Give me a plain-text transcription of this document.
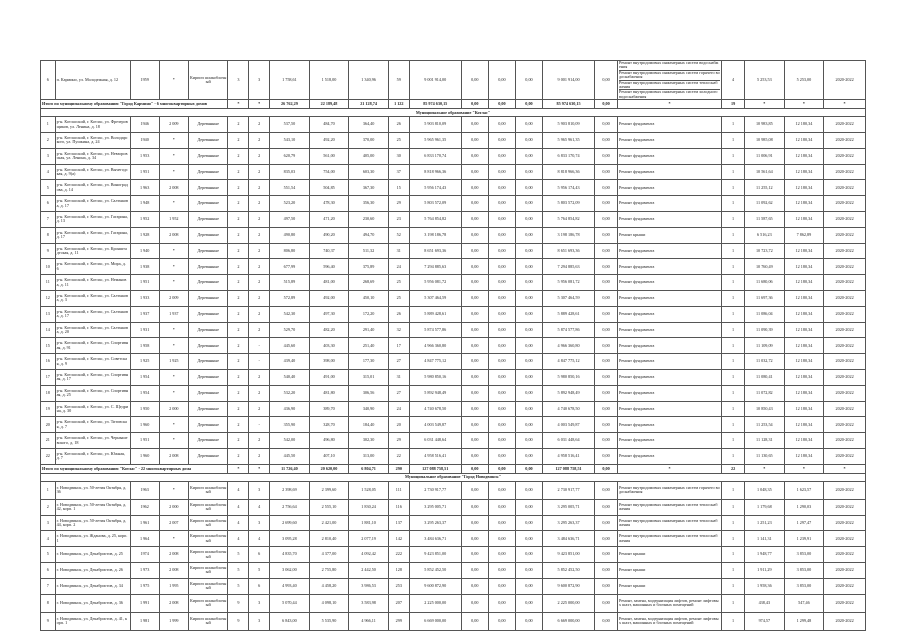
6	п. Кармино, ул. Молодежная, д. 12	1959	*	Кирпич шлакоблочный	3	3	1 758,61	1 518,00	1 340,96	59	9 001 914,00	0,00	0,00	0,00	9 001 914,00	0,00	Ремонт внутридомовых инженерных систем водоснабжения
Ремонт внутридомовых инженерных систем горячего водоснабжения
Ремонт внутридомовых инженерных систем теплоснабжения
Ремонт внутридомовых инженерных систем холодного водоснабжения	4	5 253,53	5 253,00	2020-2022
Итого по муниципальному образованию "Город Кармино" - 6 многоквартирных домов					*	*	26 762,29	22 189,48	21 128,74	1 122	85 974 630,15	0,00	0,00	0,00	85 974 630,15	0,00	*	19	*	*	*
Муниципальное образование "Котлас"																					
1	р-н. Котласский, г. Котлас, ул. Фрезеровщиков, ул. Ленина, д. 18	1946	2 009	Деревянные	2	2	537,50	484,70	364,40	26	5 903 810,09	0,00	0,00	0,00	5 903 810,09	0,00	Ремонт фундамента	1	10 983,85	12 180,34	2020-2022
2	р-н. Котласский, г. Котлас, ул. Володарского, ул. Пушкина, д. 24	1940	*	Деревянные	2	2	543,10	492,20	370,00	25	5 965 961,35	0,00	0,00	0,00	5 965 961,35	0,00	Ремонт фундамента	1	10 985,08	12 180,34	2020-2022
3	р-н. Котласский, г. Котлас, ул. Невзоровская, ул. Ленина, д. 34	1 953	*	Деревянные	2	2	620,79	561,00	405,00	30	6 833 170,74	0,00	0,00	0,00	6 833 170,74	0,00	Ремонт фундамента	1	11 006,91	12 180,34	2020-2022
4	р-н. Котласский, г. Котлас, ул. Вычегодская, д. 9(а)	1 951	*	Деревянные	2	2	835,03	754,00	603,30	37	8 818 966,36	0,00	0,00	0,00	8 818 966,36	0,00	Ремонт фундамента	1	10 561,64	12 180,34	2020-2022
5	р-н. Котласский, г. Котлас, ул. Виноградова, д. 14	1 963	2 008	Деревянные	2	2	551,54	504,85	367,30	15	5 956 174,43	0,00	0,00	0,00	5 956 174,43	0,00	Ремонт фундамента	1	11 255,12	12 180,34	2020-2022
6	р-н. Котласский, г. Котлас, ул. Салтыкова, д. 17	1 948	*	Деревянные	2	2	523,20	478,30	356,30	29	5 803 572,09	0,00	0,00	0,00	5 803 572,09	0,00	Ремонт фундамента	1	11 092,62	12 180,34	2020-2022
7	р-н. Котласский, г. Котлас, ул. Гагарина, д. 13	1 952	1 952	Деревянные	2	2	497,50	471,20	230,60	23	5 764 854,82	0,00	0,00	0,00	5 764 854,82	0,00	Ремонт фундамента	1	11 587,65	12 180,34	2020-2022
8	р-н. Котласский, г. Котлас, ул. Гагарина, д. 17	1 928	2 008	Деревянные	2	2	490,80	490,20	494,70	52	3 198 186,78	0,00	0,00	0,00	3 198 186,78	0,00	Ремонт крыши	1	6 516,23	7 862,89	2020-2022
9	р-н. Котласский, г. Котлас, ул. Кронштадтская, д. 11	1 940	*	Деревянные	2	2	806,80	740,37	511,32	31	8 651 693,36	0,00	0,00	0,00	8 651 693,36	0,00	Ремонт фундамента	1	10 723,72	12 180,34	2020-2022
10	р-н. Котласский, г. Котлас, ул. Мира, д. 6	1 938	*	Деревянные	2	2	677,99	596,40	375,89	24	7 294 885,63	0,00	0,00	0,00	7 294 885,63	0,00	Ремонт фундамента	1	10 760,49	12 180,34	2020-2022
11	р-н. Котласский, г. Котлас, ул. Неманова, д. 11	1 951	*	Деревянные	2	2	515,89	481,00	268,69	25	5 956 081,72	0,00	0,00	0,00	5 956 081,72	0,00	Ремонт фундамента	1	11 680,06	12 180,34	2020-2022
12	р-н. Котласский, г. Котлас, ул. Салтыкова, д. 3	1 933	2 009	Деревянные	2	2	572,89	492,00	450,10	25	5 307 464,59	0,00	0,00	0,00	5 307 464,59	0,00	Ремонт фундамента	1	11 697,36	12 180,34	2020-2022
13	р-н. Котласский, г. Котлас, ул. Салтыкова, д. 17	1 937	1 937	Деревянные	2	2	542,30	497,30	172,20	26	5 889 428,61	0,00	0,00	0,00	5 889 428,61	0,00	Ремонт фундамента	1	11 086,04	12 180,34	2020-2022
14	р-н. Котласский, г. Котлас, ул. Салтыкова, д. 20	1 931	*	Деревянные	2	2	529,70	482,20	291,40	32	5 874 577,86	0,00	0,00	0,00	5 874 577,86	0,00	Ремонт фундамента	1	11 090,39	12 180,34	2020-2022
15	р-н. Котласский, г. Котлас, ул. Спортивная, д. 91	1 958	*	Деревянные	2	-	445,60	403,30	251,40	17	4 966 360,80	0,00	0,00	0,00	4 966 360,80	0,00	Ремонт фундамента	1	11 109,09	12 180,34	2020-2022
16	р-н. Котласский, г. Котлас, ул. Советская, д. 9	1 925	1 925	Деревянные	2	-	439,40	398,00	177,30	27	4 847 775,12	0,00	0,00	0,00	4 847 775,12	0,00	Ремонт фундамента	1	11 032,72	12 180,34	2020-2022
17	р-н. Котласский, г. Котлас, ул. Спортивная, д. 17	1 954	*	Деревянные	2	2	540,40	491,00	315,01	31	5 980 850,16	0,00	0,00	0,00	5 980 850,16	0,00	Ремонт фундамента	1	11 080,41	12 180,34	2020-2022
18	р-н. Котласский, г. Котлас, ул. Спортивная, д. 25	1 954	*	Деревянные	2	2	532,20	481,80	306,56	27	5 892 948,49	0,00	0,00	0,00	5 892 948,49	0,00	Ремонт фундамента	1	11 072,82	12 180,34	2020-2022
19	р-н. Котласский, г. Котлас, ул. С. Щедрина, д. 30	1 950	2 000	Деревянные	2	2	436,90	389,70	340,90	24	4 740 678,50	0,00	0,00	0,00	4 740 678,50	0,00	Ремонт фундамента	1	10 850,43	12 180,34	2020-2022
20	р-н. Котласский, г. Котлас, ул. Титовская, д. 7	1 960	*	Деревянные	2	-	355,90	328,70	184,40	20	4 003 549,87	0,00	0,00	0,00	4 003 549,87	0,00	Ремонт фундамента	1	11 253,54	12 180,34	2020-2022
21	р-н. Котласский, г. Котлас, ул. Чернышевского, д. 18	1 951	*	Деревянные	2	2	542,00	496,80	302,30	29	6 031 448,64	0,00	0,00	0,00	6 031 448,64	0,00	Ремонт фундамента	1	11 128,31	12 180,34	2020-2022
22	р-н. Котласский, г. Котлас, ул. Южная, д. 7	1 960	2 008	Деревянные	2	2	445,50	407,10	313,00	22	4 958 516,41	0,00	0,00	0,00	4 958 516,41	0,00	Ремонт фундамента	1	11 130,65	12 180,34	2020-2022
Итого по муниципальному образованию "Котлас" - 22 многоквартирных дома					*	*	11 726,40	20 620,00	6 804,71	290	127 088 758,51	0,00	0,00	0,00	127 088 758,51	0,00	*	22	*	*	*
Муниципальное образование "Город Новодвинск"																					
1	г. Новодвинск, ул. 50-летия Октября, д. 36	1963	*	Кирпич шлакоблочный	4	3	2 398,69	2 399,60	1 528,05	111	2 730 917,77	0,00	0,00	0,00	2 730 917,77	0,00	Ремонт внутридомовых инженерных систем горячего водоснабжения	1	1 048,35	1 623,57	2020-2022
2	г. Новодвинск, ул. 50-летия Октября, д. 42, корп. 1	1962	2 000	Кирпич шлакоблочный	4	4	2 756,64	2 555,10	1 830,24	116	3 295 005,71	0,00	0,00	0,00	3 295 005,71	0,00	Ремонт внутридомовых инженерных систем теплоснабжения	1	1 179,68	1 290,03	2020-2022
3	г. Новодвинск, ул. 50-летия Октября, д. 44, корп. 2	1 961	2 007	Кирпич шлакоблочный	4	3	2 699,60	2 421,00	1 881,10	137	3 295 263,37	0,00	0,00	0,00	3 295 263,37	0,00	Ремонт внутридомовых инженерных систем теплоснабжения	1	1 251,23	1 297,47	2020-2022
4	г. Новодвинск, ул. Жданова, д. 25, корп. 1	1 964	*	Кирпич шлакоблочный	4	4	3 095,28	2 810,40	2 077,19	142	3 484 636,71	0,00	0,00	0,00	3 484 636,71	0,00	Ремонт внутридомовых инженерных систем теплоснабжения	1	1 141,31	1 239,91	2020-2022
5	г. Новодвинск, ул. Декабристов, д. 25	1974	2 008	Кирпич шлакоблочный	5	6	4 835,70	4 377,00	4 092,42	222	9 423 851,00	0,00	0,00	0,00	9 423 851,00	0,00	Ремонт крыши	1	1 948,77	3 853,00	2020-2022
6	г. Новодвинск, ул. Декабристов, д. 26	1 973	2 008	Кирпич шлакоблочный	5	5	3 062,00	2 755,80	2 442,50	128	5 852 452,50	0,00	0,00	0,00	5 852 452,50	0,00	Ремонт крыши	1	1 911,29	3 853,00	2020-2022
7	г. Новодвинск, ул. Декабристов, д. 34	1 975	1 995	Кирпич шлакоблочный	5	6	4 993,40	4 458,20	3 986,53	253	9 600 872,90	0,00	0,00	0,00	9 600 872,90	0,00	Ремонт крыши	1	1 958,36	3 853,00	2020-2022
8	г. Новодвинск, ул. Декабристов, д. 36	1 991	2 008	Кирпич шлакоблочный	9	3	5 070,44	4 098,10	3 583,98	207	2 225 000,00	0,00	0,00	0,00	2 225 000,00	0,00	Ремонт, замена, модернизация лифтов, ремонт лифтовых шахт, машинных и блочных помещений	1	438,43	547,46	2020-2022
9	г. Новодвинск, ул. Декабристов, д. 41, корп. 1	1 981	1 999	Кирпич шлакоблочный	9	3	6 843,00	5 535,90	4 966,11	299	6 669 000,00	0,00	0,00	0,00	6 669 000,00	0,00	Ремонт, замена, модернизация лифтов, ремонт лифтовых шахт, машинных и блочных помещений	1	974,57	1 299,48	2020-2022
